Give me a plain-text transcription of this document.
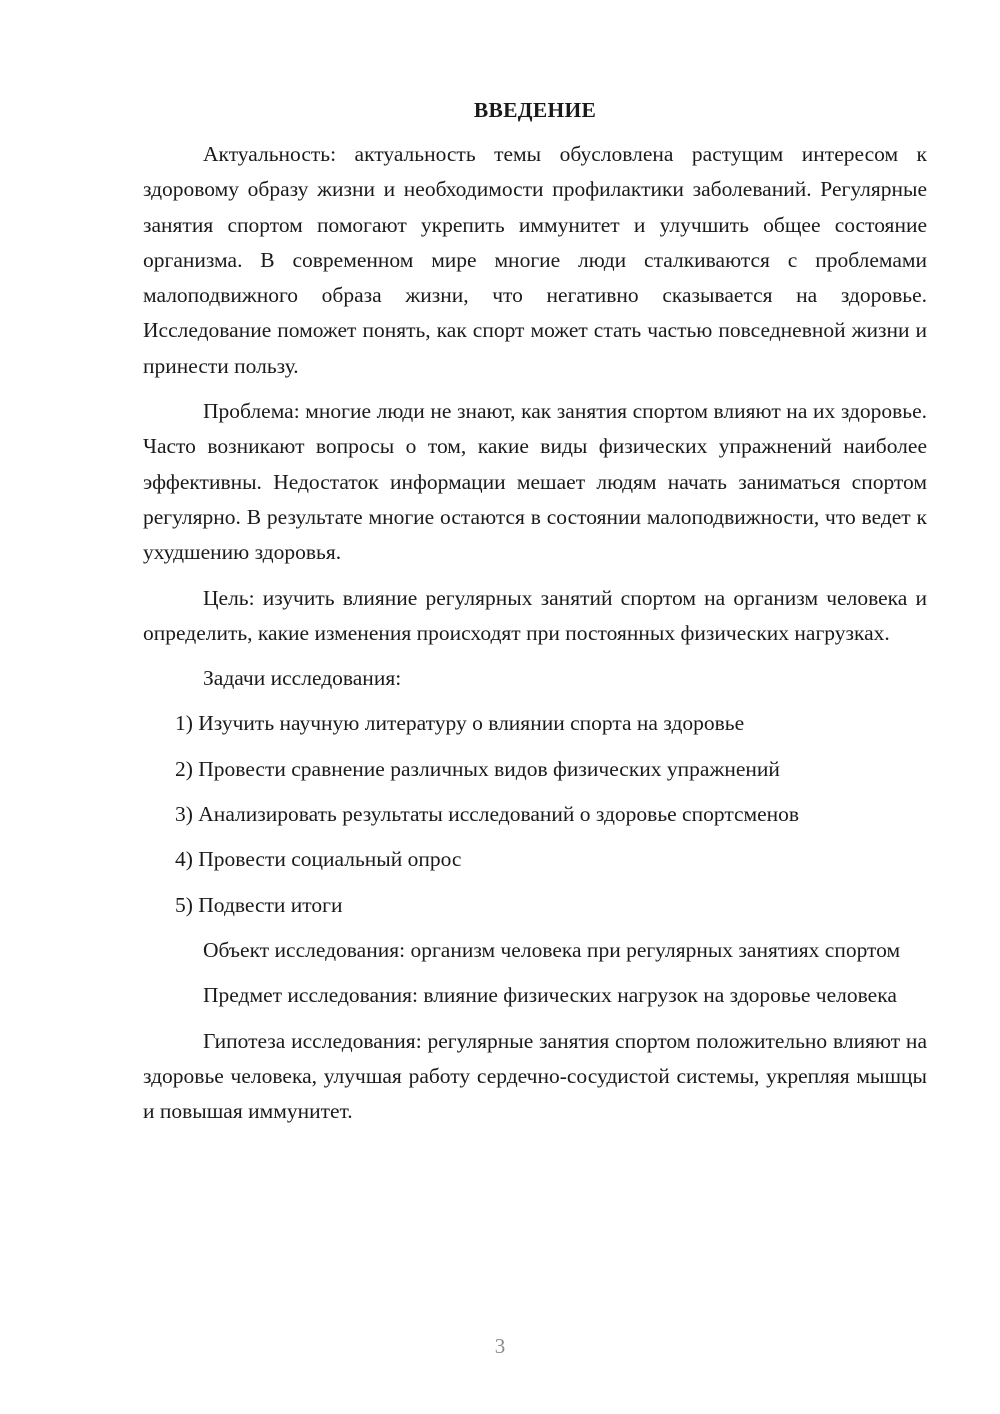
ВВЕДЕНИЕ

Актуальность: актуальность темы обусловлена растущим интересом к здоровому образу жизни и необходимости профилактики заболеваний. Регулярные занятия спортом помогают укрепить иммунитет и улучшить общее состояние организма. В современном мире многие люди сталкиваются с проблемами малоподвижного образа жизни, что негативно сказывается на здоровье. Исследование поможет понять, как спорт может стать частью повседневной жизни и принести пользу.

Проблема: многие люди не знают, как занятия спортом влияют на их здоровье. Часто возникают вопросы о том, какие виды физических упражнений наиболее эффективны. Недостаток информации мешает людям начать заниматься спортом регулярно. В результате многие остаются в состоянии малоподвижности, что ведет к ухудшению здоровья.

Цель: изучить влияние регулярных занятий спортом на организм человека и определить, какие изменения происходят при постоянных физических нагрузках.

Задачи исследования:

1) Изучить научную литературу о влиянии спорта на здоровье
2) Провести сравнение различных видов физических упражнений
3) Анализировать результаты исследований о здоровье спортсменов
4) Провести социальный опрос
5) Подвести итоги

Объект исследования: организм человека при регулярных занятиях спортом

Предмет исследования: влияние физических нагрузок на здоровье человека

Гипотеза исследования: регулярные занятия спортом положительно влияют на здоровье человека, улучшая работу сердечно-сосудистой системы, укрепляя мышцы и повышая иммунитет.

3
